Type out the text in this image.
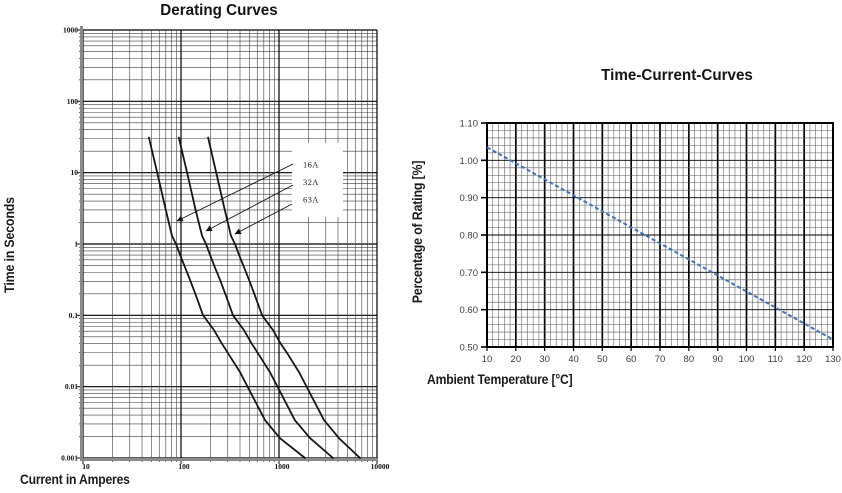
1000
100
10
1
0.1
0.01
0.001
10	100	1000	10000
16A
32A
63A
1.10
1.00
0.90
0.80
0.70
0.60
0.50
10 20 30 40 50 60 70 80 90 100 110 120 130
Derating Curves
Time in Seconds
Current in Amperes
Time-Current-Curves
Percentage of Rating [%]
Ambient Temperature [°C]
